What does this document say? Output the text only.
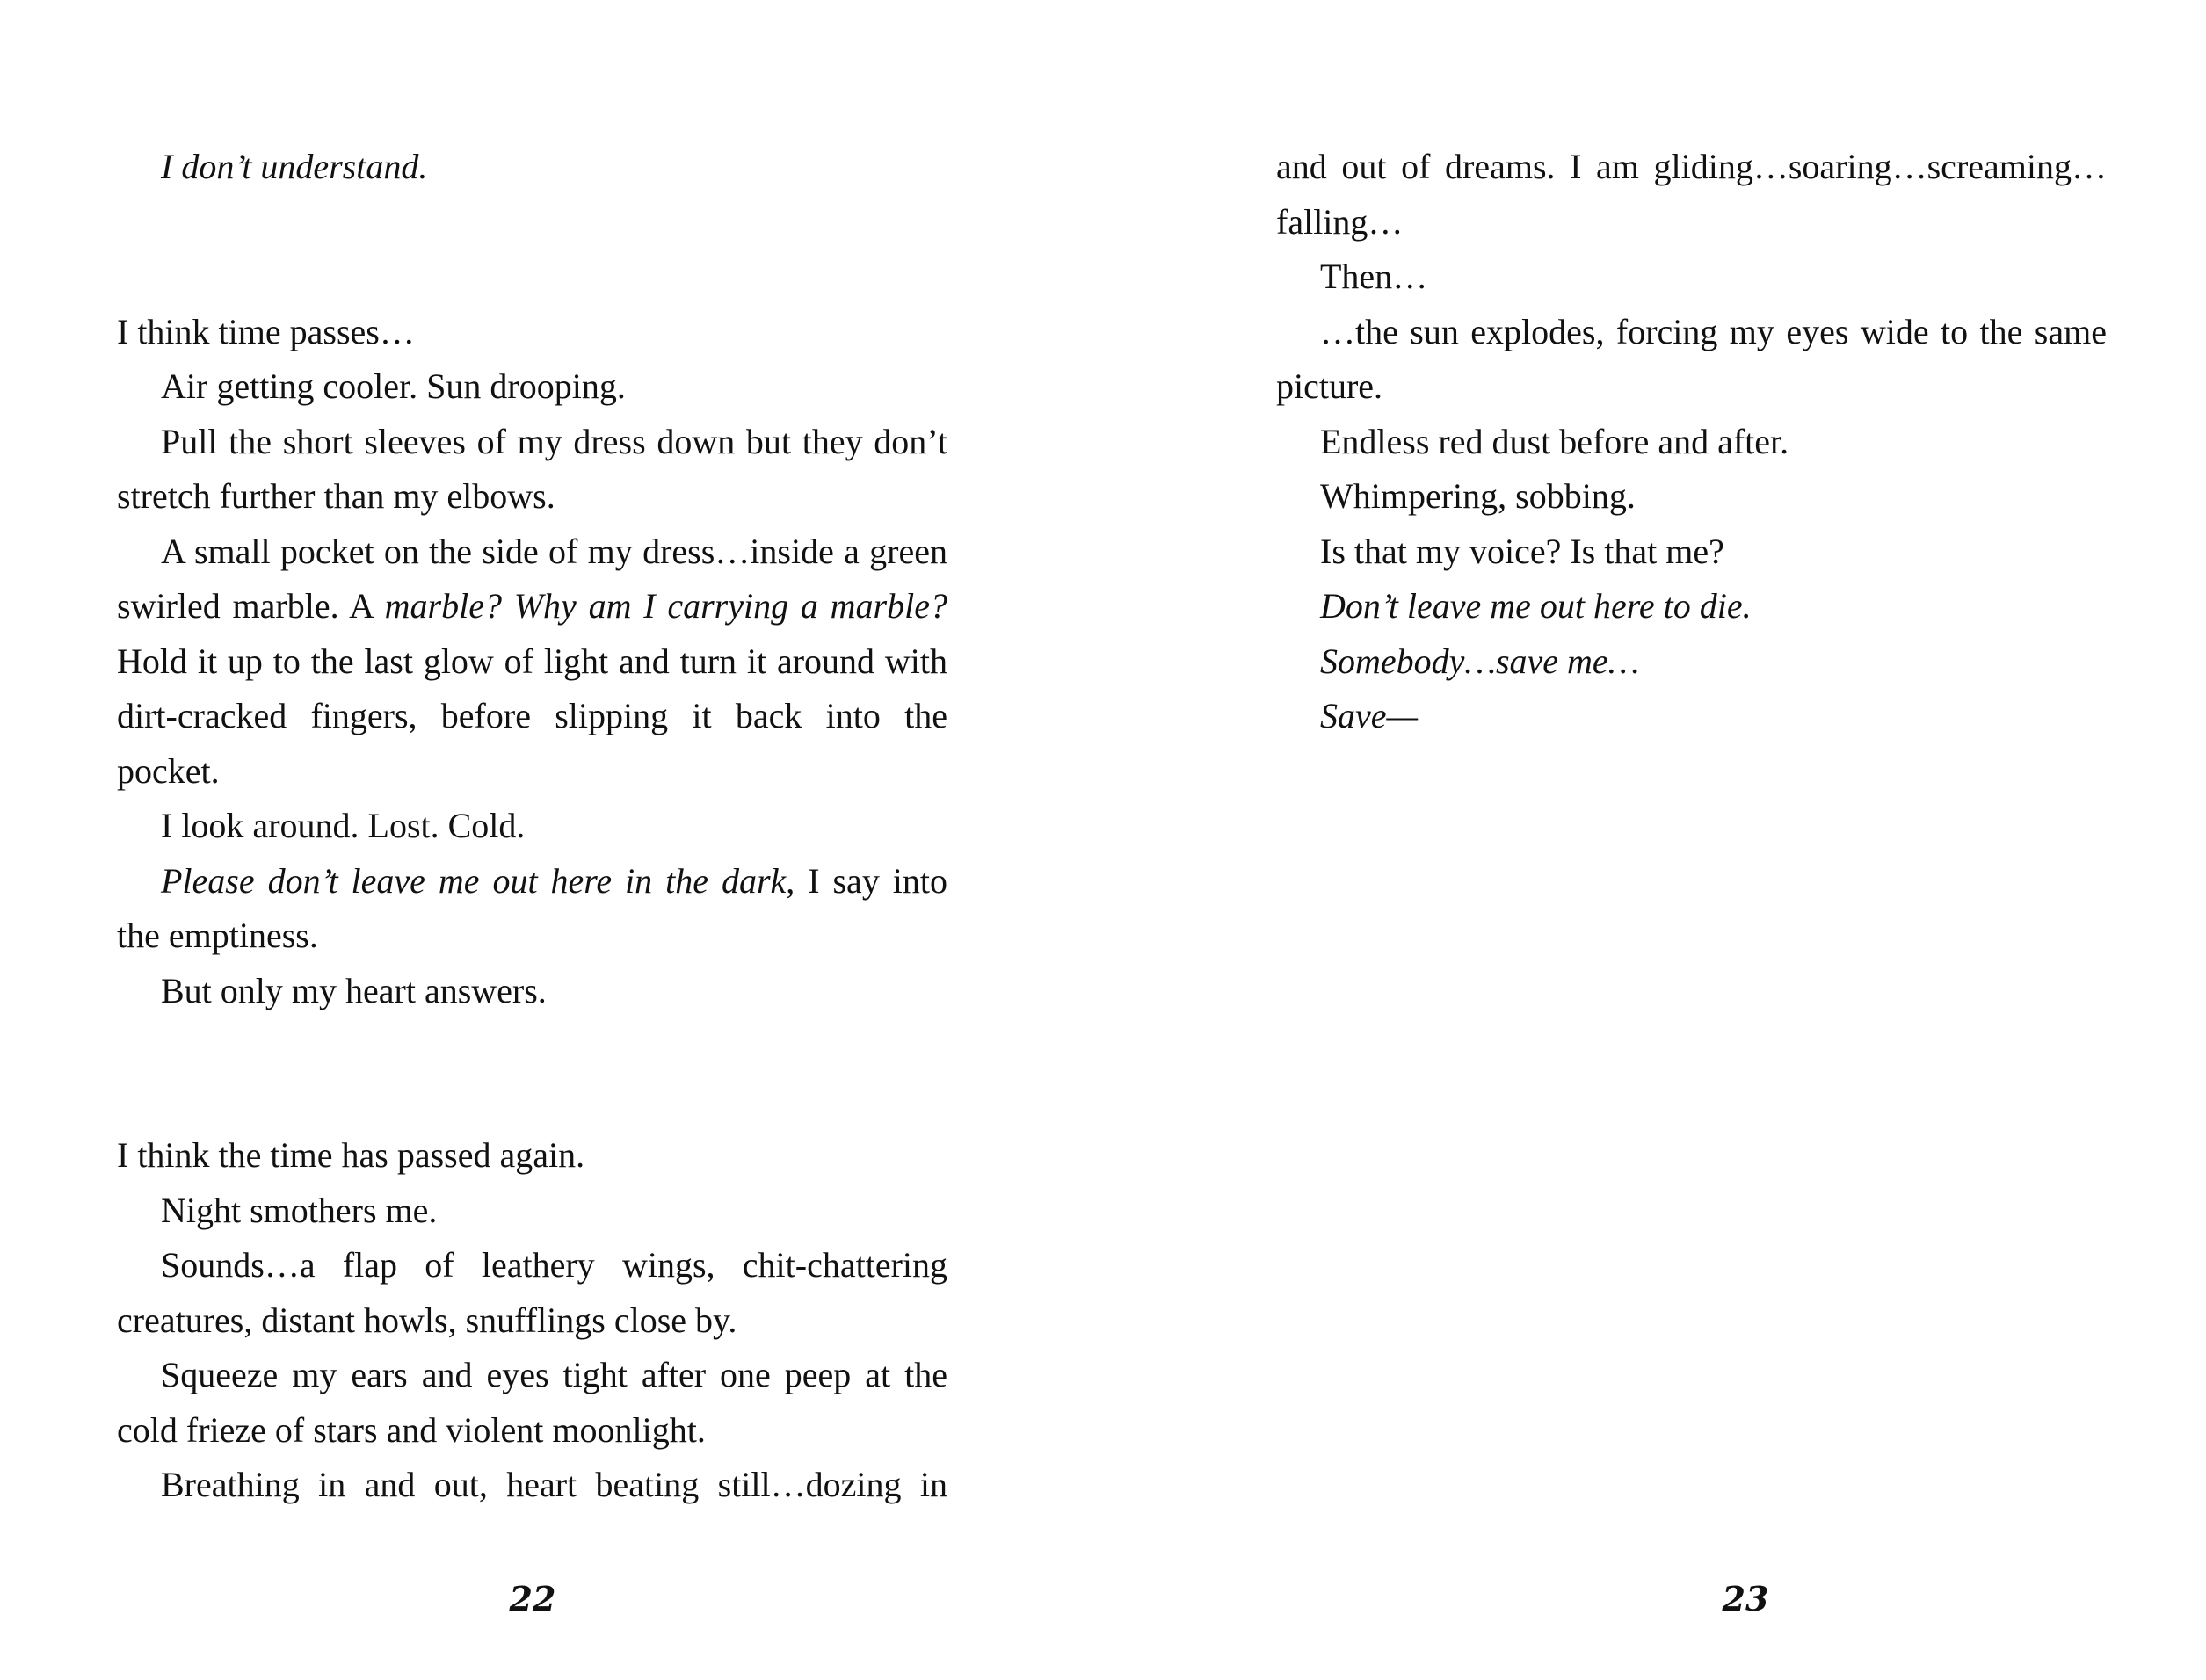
I don’t understand.

I think time passes…

Air getting cooler. Sun drooping.

Pull the short sleeves of my dress down but they don’t stretch further than my elbows.

A small pocket on the side of my dress…inside a green swirled marble. A marble? Why am I carrying a marble? Hold it up to the last glow of light and turn it around with dirt-cracked fingers, before slipping it back into the pocket.

I look around. Lost. Cold.

Please don’t leave me out here in the dark, I say into the emptiness.

But only my heart answers.

I think the time has passed again.

Night smothers me.

Sounds…a flap of leathery wings, chit-chattering creatures, distant howls, snufflings close by.

Squeeze my ears and eyes tight after one peep at the cold frieze of stars and violent moonlight.

Breathing in and out, heart beating still…dozing in

22

and out of dreams. I am gliding…soaring…screaming…falling…

Then…

…the sun explodes, forcing my eyes wide to the same picture.

Endless red dust before and after.

Whimpering, sobbing.

Is that my voice? Is that me?

Don’t leave me out here to die.

Somebody…save me…

Save—

23
